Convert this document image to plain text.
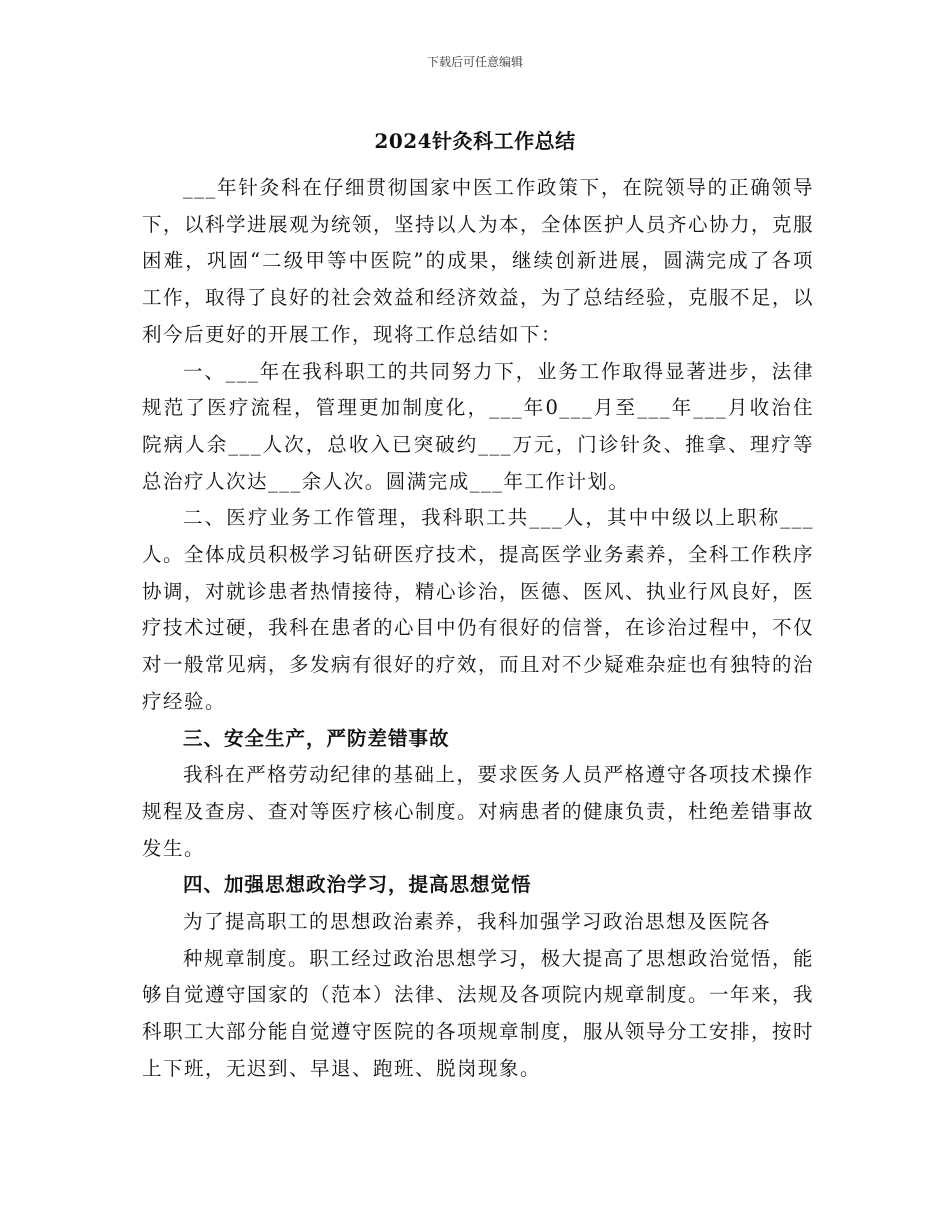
下载后可任意编辑
2024针灸科工作总结

___年针灸科在仔细贯彻国家中医工作政策下，在院领导的正确领导下，以科学进展观为统领，坚持以人为本，全体医护人员齐心协力，克服困难，巩固“二级甲等中医院”的成果，继续创新进展，圆满完成了各项工作，取得了良好的社会效益和经济效益，为了总结经验，克服不足，以利今后更好的开展工作，现将工作总结如下：

一、___年在我科职工的共同努力下，业务工作取得显著进步，法律规范了医疗流程，管理更加制度化，___年0___月至___年___月收治住院病人余___人次，总收入已突破约___万元，门诊针灸、推拿、理疗等总治疗人次达___余人次。圆满完成___年工作计划。

二、医疗业务工作管理，我科职工共___人，其中中级以上职称___人。全体成员积极学习钻研医疗技术，提高医学业务素养，全科工作秩序协调，对就诊患者热情接待，精心诊治，医德、医风、执业行风良好，医疗技术过硬，我科在患者的心目中仍有很好的信誉，在诊治过程中，不仅对一般常见病，多发病有很好的疗效，而且对不少疑难杂症也有独特的治疗经验。

三、安全生产，严防差错事故

我科在严格劳动纪律的基础上，要求医务人员严格遵守各项技术操作规程及查房、查对等医疗核心制度。对病患者的健康负责，杜绝差错事故发生。

四、加强思想政治学习，提高思想觉悟

为了提高职工的思想政治素养，我科加强学习政治思想及医院各

种规章制度。职工经过政治思想学习，极大提高了思想政治觉悟，能够自觉遵守国家的（范本）法律、法规及各项院内规章制度。一年来，我科职工大部分能自觉遵守医院的各项规章制度，服从领导分工安排，按时上下班，无迟到、早退、跑班、脱岗现象。
